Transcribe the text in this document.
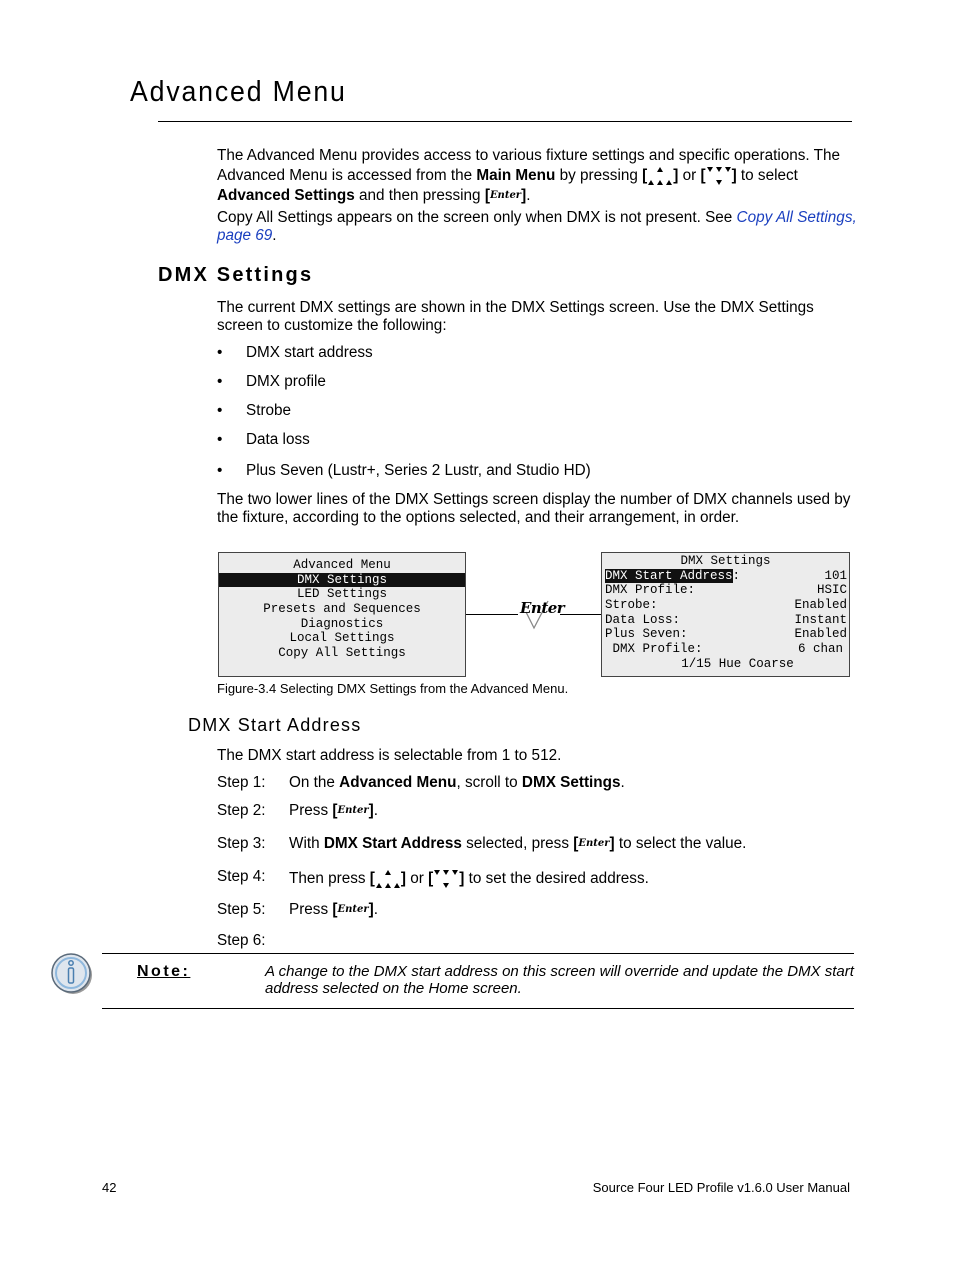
Advanced Menu
The Advanced Menu provides access to various fixture settings and specific operations. The Advanced Menu is accessed from the Main Menu by pressing [ ] or [ ] to select Advanced Settings and then pressing [Enter].
Copy All Settings appears on the screen only when DMX is not present. See Copy All Settings, page 69.
DMX Settings
The current DMX settings are shown in the DMX Settings screen. Use the DMX Settings screen to customize the following:
• DMX start address
• DMX profile
• Strobe
• Data loss
• Plus Seven (Lustr+, Series 2 Lustr, and Studio HD)
The two lower lines of the DMX Settings screen display the number of DMX channels used by the fixture, according to the options selected, and their arrangement, in order.
Advanced Menu
DMX Settings
LED Settings
Presets and Sequences
Diagnostics
Local Settings
Copy All Settings
Enter
DMX Settings
DMX Start Address:	101
DMX Profile:	HSIC
Strobe:	Enabled
Data Loss:	Instant
Plus Seven:	Enabled
DMX Profile:	6 chan
1/15 Hue Coarse
Figure-3.4 Selecting DMX Settings from the Advanced Menu.
DMX Start Address
The DMX start address is selectable from 1 to 512.
Step 1: On the Advanced Menu, scroll to DMX Settings.
Step 2: Press [Enter].
Step 3: With DMX Start Address selected, press [Enter] to select the value.
Step 4: Then press [ ] or [ ] to set the desired address.
Step 5: Press [Enter].
Step 6:
Note:	A change to the DMX start address on this screen will override and update the DMX start address selected on the Home screen.
42	Source Four LED Profile v1.6.0 User Manual
